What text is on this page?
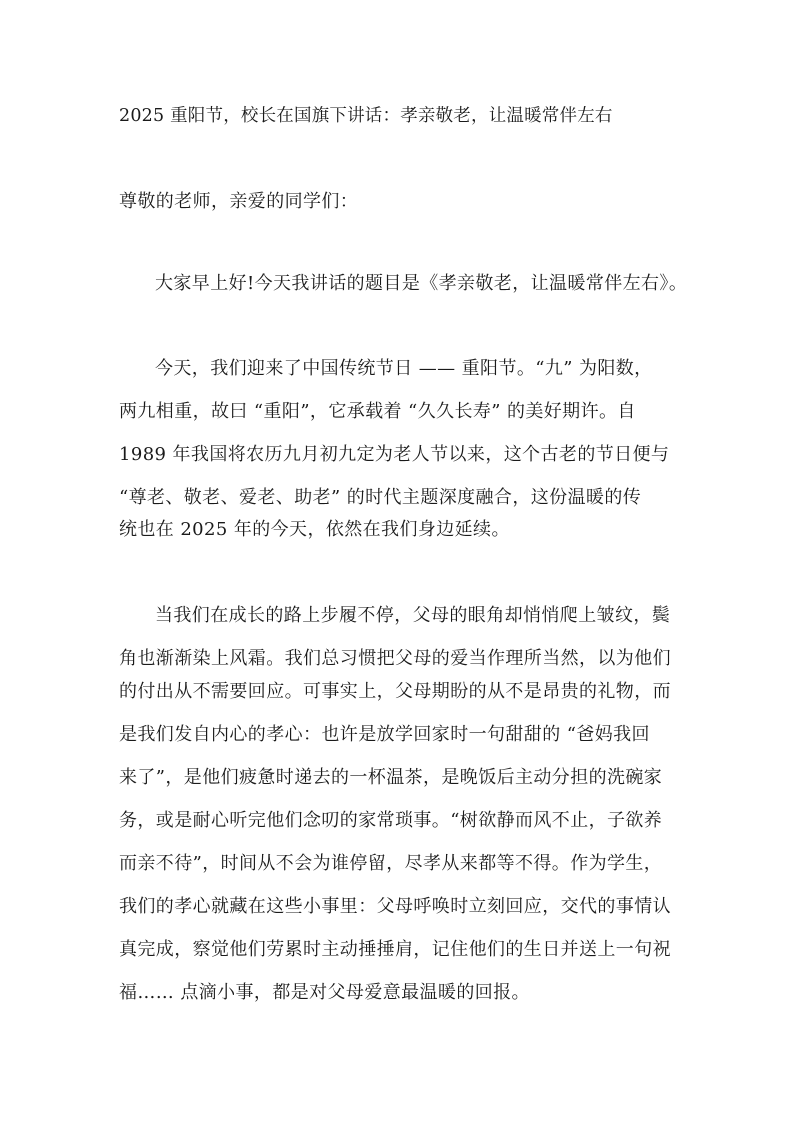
2025 重阳节，校长在国旗下讲话：孝亲敬老，让温暖常伴左右
尊敬的老师，亲爱的同学们：
大家早上好!今天我讲话的题目是《孝亲敬老，让温暖常伴左右》。
今天，我们迎来了中国传统节日 —— 重阳节。“九” 为阳数，
两九相重，故曰 “重阳”，它承载着 “久久长寿” 的美好期许。自
1989 年我国将农历九月初九定为老人节以来，这个古老的节日便与
“尊老、敬老、爱老、助老” 的时代主题深度融合，这份温暖的传
统也在 2025 年的今天，依然在我们身边延续。
当我们在成长的路上步履不停，父母的眼角却悄悄爬上皱纹，鬓
角也渐渐染上风霜。我们总习惯把父母的爱当作理所当然，以为他们
的付出从不需要回应。可事实上，父母期盼的从不是昂贵的礼物，而
是我们发自内心的孝心：也许是放学回家时一句甜甜的 “爸妈我回
来了”，是他们疲惫时递去的一杯温茶，是晚饭后主动分担的洗碗家
务，或是耐心听完他们念叨的家常琐事。“树欲静而风不止，子欲养
而亲不待”，时间从不会为谁停留，尽孝从来都等不得。作为学生，
我们的孝心就藏在这些小事里：父母呼唤时立刻回应，交代的事情认
真完成，察觉他们劳累时主动捶捶肩，记住他们的生日并送上一句祝
福…… 点滴小事，都是对父母爱意最温暖的回报。
